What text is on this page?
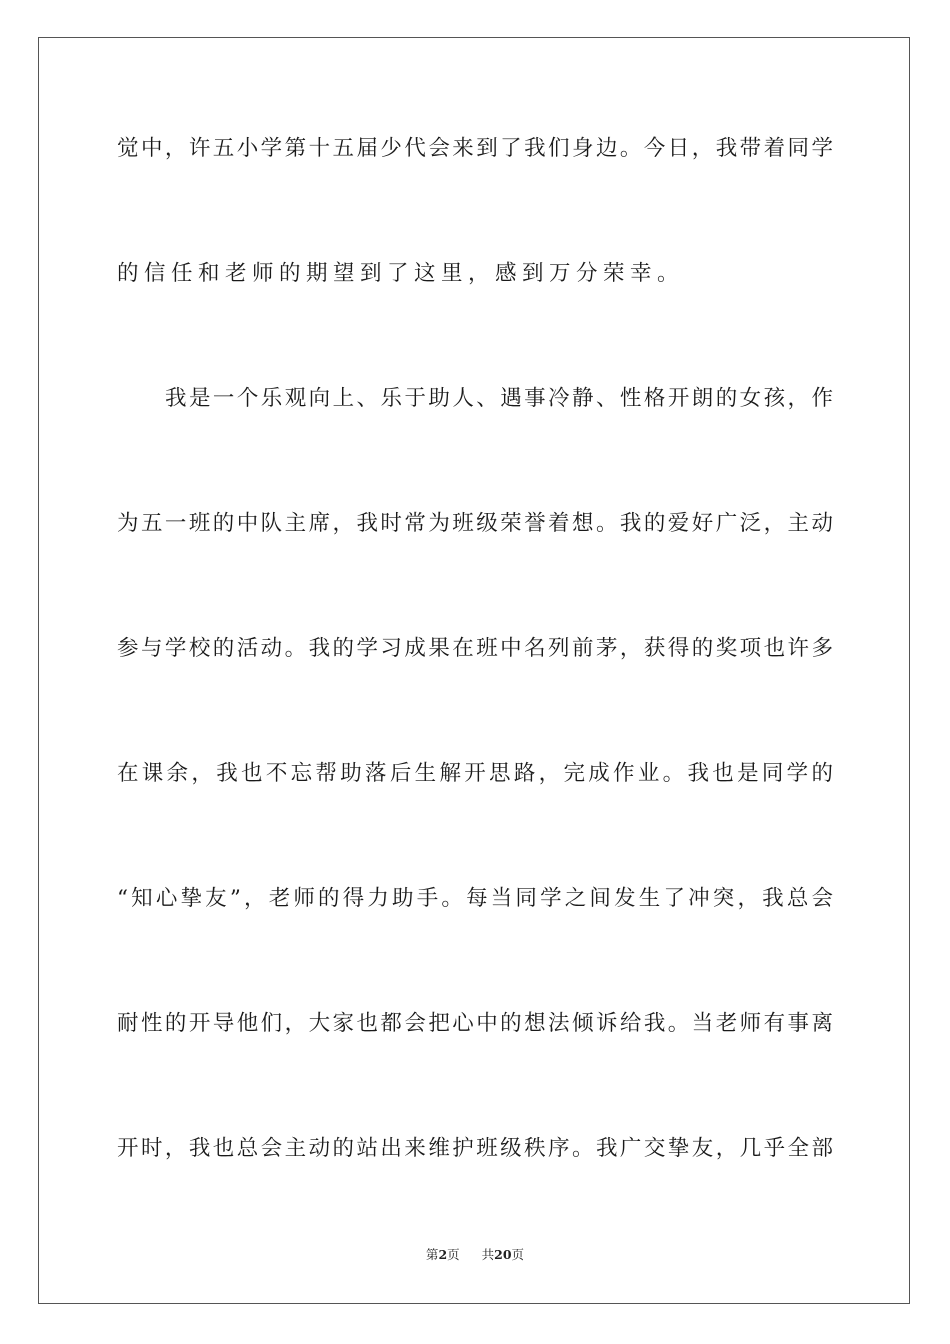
觉中，许五小学第十五届少代会来到了我们身边。今日，我带着同学
的信任和老师的期望到了这里，感到万分荣幸。
我是一个乐观向上、乐于助人、遇事冷静、性格开朗的女孩，作
为五一班的中队主席，我时常为班级荣誉着想。我的爱好广泛，主动
参与学校的活动。我的学习成果在班中名列前茅，获得的奖项也许多
在课余，我也不忘帮助落后生解开思路，完成作业。我也是同学的
“知心挚友”，老师的得力助手。每当同学之间发生了冲突，我总会
耐性的开导他们，大家也都会把心中的想法倾诉给我。当老师有事离
开时，我也总会主动的站出来维护班级秩序。我广交挚友，几乎全部
第2页 共20页
